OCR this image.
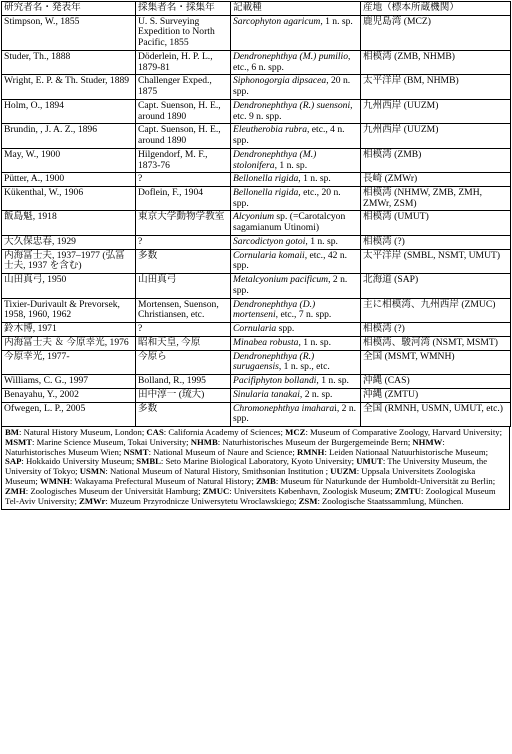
研究者名・発表年	採集者名・採集年	記載種	産地（標本所蔵機関）
Stimpson, W., 1855	U. S. Surveying Expedition to North Pacific, 1855	Sarcophyton agaricum, 1 n. sp.	鹿児島湾 (MCZ)
Studer, Th., 1888	Döderlein, H. P. L., 1879-81	Dendronephthya (M.) pumilio, etc., 6 n. spp.	相模湾 (ZMB, NHMB)
Wright, E. P. & Th. Studer, 1889	Challenger Exped., 1875	Siphonogorgia dipsacea, 20 n. spp.	太平洋岸 (BM, NHMB)
Holm, O., 1894	Capt. Suenson, H. E., around 1890	Dendronephthya (R.) suensoni, etc. 9 n. spp.	九州西岸 (UUZM)
Brundin, , J. A. Z., 1896	Capt. Suenson, H. E., around 1890	Eleutherobia rubra, etc., 4 n. spp.	九州西岸 (UUZM)
May, W., 1900	Hilgendorf, M. F., 1873-76	Dendronephthya (M.) stolonifera, 1 n. sp.	相模湾 (ZMB)
Pütter, A., 1900	?	Bellonella rigida, 1 n. sp.	長崎 (ZMWr)
Kükenthal, W., 1906	Doflein, F., 1904	Bellonella rigida, etc., 20 n. spp.	相模湾 (NHMW, ZMB, ZMH, ZMWr, ZSM)
飯島魁, 1918	東京大学動物学教室	Alcyonium sp. (=Carotalcyon sagamianum Utinomi)	相模湾 (UMUT)
大久保忠春, 1929	?	Sarcodictyon gotoi, 1 n. sp.	相模湾 (?)
内海冨士夫, 1937–1977 (弘冨士夫, 1937 を含む)	多数	Cornularia komaii, etc., 42 n. spp.	太平洋岸 (SMBL, NSMT, UMUT)
山田真弓, 1950	山田真弓	Metalcyonium pacificum, 2 n. spp.	北海道 (SAP)
Tixier-Durivault & Prevorsek, 1958, 1960, 1962	Mortensen, Suenson, Christiansen, etc.	Dendronephthya (D.) mortenseni, etc., 7 n. spp.	主に相模湾、九州西岸 (ZMUC)
鈴木博, 1971	?	Cornularia spp.	相模湾 (?)
内海冨士夫 ＆ 今原幸光, 1976	昭和天皇, 今原	Minabea robusta, 1 n. sp.	相模湾、駿河湾 (NSMT, MSMT)
今原幸光, 1977-	今原ら	Dendronephthya (R.) surugaensis, 1 n. sp., etc.	全国 (MSMT, WMNH)
Williams, C. G., 1997	Bolland, R., 1995	Pacifiphyton bollandi, 1 n. sp.	沖縄 (CAS)
Benayahu, Y., 2002	田中淳一 (琉大)	Sinularia tanakai, 2 n. sp.	沖縄 (ZMTU)
Ofwegen, L. P., 2005	多数	Chromonephthya imaharai, 2 n. spp.	全国 (RMNH, USMN, UMUT, etc.)
BM: Natural History Museum, London; CAS: California Academy of Sciences; MCZ: Museum of Comparative Zoology, Harvard University; MSMT: Marine Science Museum, Tokai University; NHMB: Naturhistorisches Museum der Burgergemeinde Bern; NHMW: Naturhistorisches Museum Wien; NSMT: National Museum of Naure and Science; RMNH: Leiden Nationaal Natuurhistorische Museum; SAP: Hokkaido University Museum; SMBL: Seto Marine Biological Laboratory, Kyoto University; UMUT: The University Museum, the University of Tokyo; USMN: National Museum of Natural History, Smithsonian Institution ; UUZM: Uppsala Universitets Zoologiska Museum; WMNH: Wakayama Prefectural Museum of Natural History; ZMB: Museum für Naturkunde der Humboldt-Universität zu Berlin; ZMH: Zoologisches Museum der Universität Hamburg; ZMUC: Universitets København, Zoologisk Museum; ZMTU: Zoological Museum Tel-Aviv University; ZMWr: Muzeum Przyrodnicze Uniwersytetu Wroclawskiego; ZSM: Zoologische Staatssammlung, München.
